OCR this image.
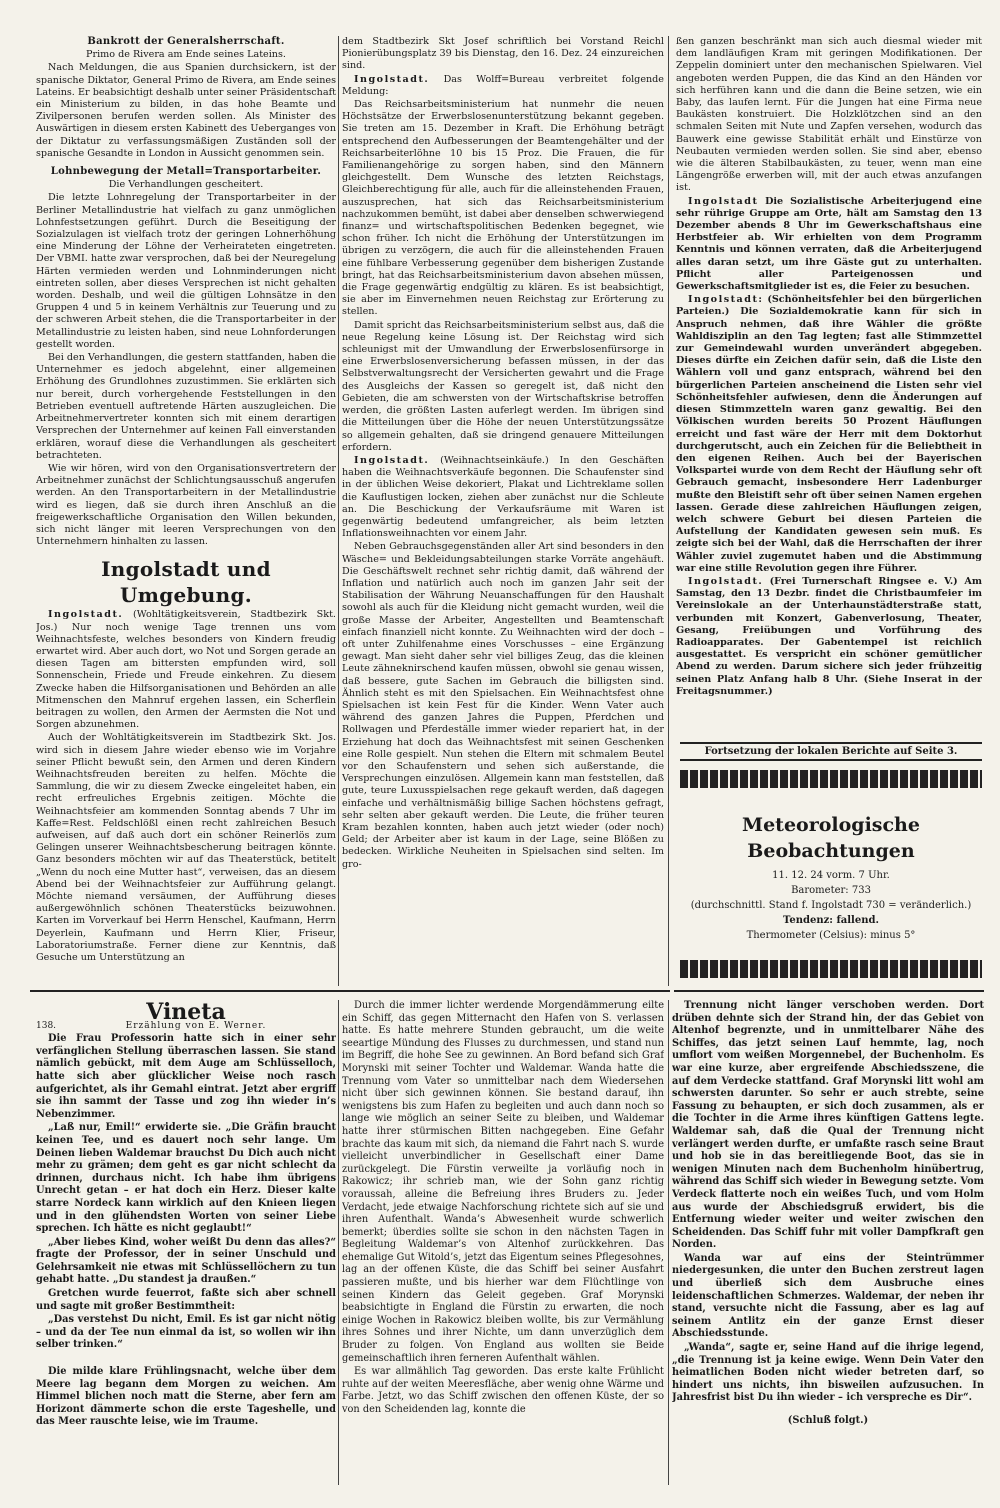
Bankrott der Generalsherrschaft.

Primo de Rivera am Ende seines Lateins.

Nach Meldungen, die aus Spanien durchsickern, ist der spanische Diktator, General Primo de Rivera, am Ende seines Lateins. Er beabsichtigt deshalb unter seiner Präsidentschaft ein Ministerium zu bilden, in das hohe Beamte und Zivilpersonen berufen werden sollen. Als Minister des Auswärtigen in diesem ersten Kabinett des Ueberganges von der Diktatur zu verfassungsmäßigen Zuständen soll der spanische Gesandte in London in Aussicht genommen sein.

Lohnbewegung der Metall=Transportarbeiter.

Die Verhandlungen gescheitert.

Die letzte Lohnregelung der Transportarbeiter in der Berliner Metallindustrie hat vielfach zu ganz unmöglichen Lohnfestsetzungen geführt. Durch die Beseitigung der Sozialzulagen ist vielfach trotz der geringen Lohnerhöhung eine Minderung der Löhne der Verheirateten eingetreten. Der VBMI. hatte zwar versprochen, daß bei der Neuregelung Härten vermieden werden und Lohnminderungen nicht eintreten sollen, aber dieses Versprechen ist nicht gehalten worden. Deshalb, und weil die gültigen Lohnsätze in den Gruppen 4 und 5 in keinem Verhältnis zur Teuerung und zu der schweren Arbeit stehen, die die Transportarbeiter in der Metallindustrie zu leisten haben, sind neue Lohnforderungen gestellt worden.

Bei den Verhandlungen, die gestern stattfanden, haben die Unternehmer es jedoch abgelehnt, einer allgemeinen Erhöhung des Grundlohnes zuzustimmen. Sie erklärten sich nur bereit, durch vorhergehende Feststellungen in den Betrieben eventuell auftretende Härten auszugleichen. Die Arbeitnehmervertreter konnten sich mit einem derartigen Versprechen der Unternehmer auf keinen Fall einverstanden erklären, worauf diese die Verhandlungen als gescheitert betrachteten.

Wie wir hören, wird von den Organisationsvertretern der Arbeitnehmer zunächst der Schlichtungsausschuß angerufen werden. An den Transportarbeitern in der Metallindustrie wird es liegen, daß sie durch ihren Anschluß an die freigewerkschaftliche Organisation den Willen bekunden, sich nicht länger mit leeren Versprechungen von den Unternehmern hinhalten zu lassen.

Ingolstadt und Umgebung.

Ingolstadt. (Wohltätigkeitsverein, Stadtbezirk Skt. Jos.) Nur noch wenige Tage trennen uns vom Weihnachtsfeste, welches besonders von Kindern freudig erwartet wird. Aber auch dort, wo Not und Sorgen gerade an diesen Tagen am bittersten empfunden wird, soll Sonnenschein, Friede und Freude einkehren. Zu diesem Zwecke haben die Hilfsorganisationen und Behörden an alle Mitmenschen den Mahnruf ergehen lassen, ein Scherflein beitragen zu wollen, den Armen der Aermsten die Not und Sorgen abzunehmen.

Auch der Wohltätigkeitsverein im Stadtbezirk Skt. Jos. wird sich in diesem Jahre wieder ebenso wie im Vorjahre seiner Pflicht bewußt sein, den Armen und deren Kindern Weihnachtsfreuden bereiten zu helfen. Möchte die Sammlung, die wir zu diesem Zwecke eingeleitet haben, ein recht erfreuliches Ergebnis zeitigen. Möchte die Weihnachtsfeier am kommenden Sonntag abends 7 Uhr im Kaffe=Rest. Feldschlößl einen recht zahlreichen Besuch aufweisen, auf daß auch dort ein schöner Reinerlös zum Gelingen unserer Weihnachtsbescherung beitragen könnte. Ganz besonders möchten wir auf das Theaterstück, betitelt „Wenn du noch eine Mutter hast“, verweisen, das an diesem Abend bei der Weihnachtsfeier zur Aufführung gelangt. Möchte niemand versäumen, der Aufführung dieses außergewöhnlich schönen Theaterstücks beizuwohnen. Karten im Vorverkauf bei Herrn Henschel, Kaufmann, Herrn Deyerlein, Kaufmann und Herrn Klier, Friseur, Laboratoriumstraße. Ferner diene zur Kenntnis, daß Gesuche um Unterstützung an

dem Stadtbezirk Skt Josef schriftlich bei Vorstand Reichl Pionierübungsplatz 39 bis Dienstag, den 16. Dez. 24 einzureichen sind.

Ingolstadt. Das Wolff=Bureau verbreitet folgende Meldung:

Das Reichsarbeitsministerium hat nunmehr die neuen Höchstsätze der Erwerbslosenunterstützung bekannt gegeben. Sie treten am 15. Dezember in Kraft. Die Erhöhung beträgt entsprechend den Aufbesserungen der Beamtengehälter und der Reichsarbeiterlöhne 10 bis 15 Proz. Die Frauen, die für Familienangehörige zu sorgen haben, sind den Männern gleichgestellt. Dem Wunsche des letzten Reichstags, Gleichberechtigung für alle, auch für die alleinstehenden Frauen, auszusprechen, hat sich das Reichsarbeitsministerium nachzukommen bemüht, ist dabei aber denselben schwerwiegend finanz= und wirtschaftspolitischen Bedenken begegnet, wie schon früher. Ich nicht die Erhöhung der Unterstützungen im übrigen zu verzögern, die auch für die alleinstehenden Frauen eine fühlbare Verbesserung gegenüber dem bisherigen Zustande bringt, hat das Reichsarbeitsministerium davon absehen müssen, die Frage gegenwärtig endgültig zu klären. Es ist beabsichtigt, sie aber im Einvernehmen neuen Reichstag zur Erörterung zu stellen.

Damit spricht das Reichsarbeitsministerium selbst aus, daß die neue Regelung keine Lösung ist. Der Reichstag wird sich schleunigst mit der Umwandlung der Erwerbslosenfürsorge in eine Erwerbslosenversicherung befassen müssen, in der das Selbstverwaltungsrecht der Versicherten gewahrt und die Frage des Ausgleichs der Kassen so geregelt ist, daß nicht den Gebieten, die am schwersten von der Wirtschaftskrise betroffen werden, die größten Lasten auferlegt werden. Im übrigen sind die Mitteilungen über die Höhe der neuen Unterstützungssätze so allgemein gehalten, daß sie dringend genauere Mitteilungen erfordern.

Ingolstadt. (Weihnachtseinkäufe.) In den Geschäften haben die Weihnachtsverkäufe begonnen. Die Schaufenster sind in der üblichen Weise dekoriert, Plakat und Lichtreklame sollen die Kauflustigen locken, ziehen aber zunächst nur die Schleute an. Die Beschickung der Verkaufsräume mit Waren ist gegenwärtig bedeutend umfangreicher, als beim letzten Inflationsweihnachten vor einem Jahr.

Neben Gebrauchsgegenständen aller Art sind besonders in den Wäsche= und Bekleidungsabteilungen starke Vorräte angehäuft. Die Geschäftswelt rechnet sehr richtig damit, daß während der Inflation und natürlich auch noch im ganzen Jahr seit der Stabilisation der Währung Neuanschaffungen für den Haushalt sowohl als auch für die Kleidung nicht gemacht wurden, weil die große Masse der Arbeiter, Angestellten und Beamtenschaft einfach finanziell nicht konnte. Zu Weihnachten wird der doch – oft unter Zuhilfenahme eines Vorschusses – eine Ergänzung gewagt. Man sieht daher sehr viel billiges Zeug, das die kleinen Leute zähneknirschend kaufen müssen, obwohl sie genau wissen, daß bessere, gute Sachen im Gebrauch die billigsten sind. Ähnlich steht es mit den Spielsachen. Ein Weihnachtsfest ohne Spielsachen ist kein Fest für die Kinder. Wenn Vater auch während des ganzen Jahres die Puppen, Pferdchen und Rollwagen und Pferdeställe immer wieder repariert hat, in der Erziehung hat doch das Weihnachtsfest mit seinen Geschenken eine Rolle gespielt. Nun stehen die Eltern mit schmalem Beutel vor den Schaufenstern und sehen sich außerstande, die Versprechungen einzulösen. Allgemein kann man feststellen, daß gute, teure Luxusspielsachen rege gekauft werden, daß dagegen einfache und verhältnismäßig billige Sachen höchstens gefragt, sehr selten aber gekauft werden. Die Leute, die früher teuren Kram bezahlen konnten, haben auch jetzt wieder (oder noch) Geld; der Arbeiter aber ist kaum in der Lage, seine Blößen zu bedecken. Wirkliche Neuheiten in Spielsachen sind selten. Im gro-

ßen ganzen beschränkt man sich auch diesmal wieder mit dem landläufigen Kram mit geringen Modifikationen. Der Zeppelin dominiert unter den mechanischen Spielwaren. Viel angeboten werden Puppen, die das Kind an den Händen vor sich herführen kann und die dann die Beine setzen, wie ein Baby, das laufen lernt. Für die Jungen hat eine Firma neue Baukästen konstruiert. Die Holzklötzchen sind an den schmalen Seiten mit Nute und Zapfen versehen, wodurch das Bauwerk eine gewisse Stabilität erhält und Einstürze von Neubauten vermieden werden sollen. Sie sind aber, ebenso wie die älteren Stabilbaukästen, zu teuer, wenn man eine Längengröße erwerben will, mit der auch etwas anzufangen ist.

Ingolstadt Die Sozialistische Arbeiterjugend eine sehr rührige Gruppe am Orte, hält am Samstag den 13 Dezember abends 8 Uhr im Gewerkschaftshaus eine Herbstfeier ab. Wir erhielten von dem Programm Kenntnis und können verraten, daß die Arbeiterjugend alles daran setzt, um ihre Gäste gut zu unterhalten. Pflicht aller Parteigenossen und Gewerkschaftsmitglieder ist es, die Feier zu besuchen.

Ingolstadt: (Schönheitsfehler bei den bürgerlichen Parteien.) Die Sozialdemokratie kann für sich in Anspruch nehmen, daß ihre Wähler die größte Wahldisziplin an den Tag legten; fast alle Stimmzettel zur Gemeindewahl wurden unverändert abgegeben. Dieses dürfte ein Zeichen dafür sein, daß die Liste den Wählern voll und ganz entsprach, während bei den bürgerlichen Parteien anscheinend die Listen sehr viel Schönheitsfehler aufwiesen, denn die Änderungen auf diesen Stimmzetteln waren ganz gewaltig. Bei den Völkischen wurden bereits 50 Prozent Häuflungen erreicht und fast wäre der Herr mit dem Doktorhut durchgerutscht, auch ein Zeichen für die Beliebtheit in den eigenen Reihen. Auch bei der Bayerischen Volkspartei wurde von dem Recht der Häuflung sehr oft Gebrauch gemacht, insbesondere Herr Ladenburger mußte den Bleistift sehr oft über seinen Namen ergehen lassen. Gerade diese zahlreichen Häuflungen zeigen, welch schwere Geburt bei diesen Parteien die Aufstellung der Kandidaten gewesen sein muß. Es zeigte sich bei der Wahl, daß die Herrschaften der ihrer Wähler zuviel zugemutet haben und die Abstimmung war eine stille Revolution gegen ihre Führer.

Ingolstadt. (Frei Turnerschaft Ringsee e. V.) Am Samstag, den 13 Dezbr. findet die Christbaumfeier im Vereinslokale an der Unterhaunstädterstraße statt, verbunden mit Konzert, Gabenverlosung, Theater, Gesang, Freiübungen und Vorführung des Radioapparates. Der Gabentempel ist reichlich ausgestattet. Es verspricht ein schöner gemütlicher Abend zu werden. Darum sichere sich jeder frühzeitig seinen Platz Anfang halb 8 Uhr. (Siehe Inserat in der Freitagsnummer.)

Fortsetzung der lokalen Berichte auf Seite 3.
Meteorologische Beobachtungen
11. 12. 24 vorm. 7 Uhr.
Barometer: 733
(durchschnittl. Stand f. Ingolstadt 730 = veränderlich.)
Tendenz: fallend.
Thermometer (Celsius): minus 5°

Vineta

138.	Erzählung von E. Werner.

Die Frau Professorin hatte sich in einer sehr verfänglichen Stellung überraschen lassen. Sie stand nämlich gebückt, mit dem Auge am Schlüsselloch, hatte sich aber glücklicher Weise noch rasch aufgerichtet, als ihr Gemahl eintrat. Jetzt aber ergriff sie ihn sammt der Tasse und zog ihn wieder in’s Nebenzimmer.

„Laß nur, Emil!“ erwiderte sie. „Die Gräfin braucht keinen Tee, und es dauert noch sehr lange. Um Deinen lieben Waldemar brauchst Du Dich auch nicht mehr zu grämen; dem geht es gar nicht schlecht da drinnen, durchaus nicht. Ich habe ihm übrigens Unrecht getan – er hat doch ein Herz. Dieser kalte starre Nordeck kann wirklich auf den Knieen liegen und in den glühendsten Worten von seiner Liebe sprechen. Ich hätte es nicht geglaubt!“

„Aber liebes Kind, woher weißt Du denn das alles?“ fragte der Professor, der in seiner Unschuld und Gelehrsamkeit nie etwas mit Schlüssellöchern zu tun gehabt hatte. „Du standest ja draußen.“

Gretchen wurde feuerrot, faßte sich aber schnell und sagte mit großer Bestimmtheit:

„Das verstehst Du nicht, Emil. Es ist gar nicht nötig – und da der Tee nun einmal da ist, so wollen wir ihn selber trinken.“

Die milde klare Frühlingsnacht, welche über dem Meere lag begann dem Morgen zu weichen. Am Himmel blichen noch matt die Sterne, aber fern am Horizont dämmerte schon die erste Tageshelle, und das Meer rauschte leise, wie im Traume.

Durch die immer lichter werdende Morgendämmerung eilte ein Schiff, das gegen Mitternacht den Hafen von S. verlassen hatte. Es hatte mehrere Stunden gebraucht, um die weite seeartige Mündung des Flusses zu durchmessen, und stand nun im Begriff, die hohe See zu gewinnen. An Bord befand sich Graf Morynski mit seiner Tochter und Waldemar. Wanda hatte die Trennung vom Vater so unmittelbar nach dem Wiedersehen nicht über sich gewinnen können. Sie bestand darauf, ihn wenigstens bis zum Hafen zu begleiten und auch dann noch so lange wie möglich an seiner Seite zu bleiben, und Waldemar hatte ihrer stürmischen Bitten nachgegeben. Eine Gefahr brachte das kaum mit sich, da niemand die Fahrt nach S. wurde vielleicht unverbindlicher in Gesellschaft einer Dame zurückgelegt. Die Fürstin verweilte ja vorläufig noch in Rakowicz; ihr schrieb man, wie der Sohn ganz richtig voraussah, alleine die Befreiung ihres Bruders zu. Jeder Verdacht, jede etwaige Nachforschung richtete sich auf sie und ihren Aufenthalt. Wanda’s Abwesenheit wurde schwerlich bemerkt; überdies sollte sie schon in den nächsten Tagen in Begleitung Waldemar’s von Altenhof zurückkehren. Das ehemalige Gut Witold’s, jetzt das Eigentum seines Pflegesohnes, lag an der offenen Küste, die das Schiff bei seiner Ausfahrt passieren mußte, und bis hierher war dem Flüchtlinge von seinen Kindern das Geleit gegeben. Graf Morynski beabsichtigte in England die Fürstin zu erwarten, die noch einige Wochen in Rakowicz bleiben wollte, bis zur Vermählung ihres Sohnes und ihrer Nichte, um dann unverzüglich dem Bruder zu folgen. Von England aus wollten sie Beide gemeinschaftlich ihren ferneren Aufenthalt wählen.

Es war allmählich Tag geworden. Das erste kalte Frühlicht ruhte auf der weiten Meeresfläche, aber wenig ohne Wärme und Farbe. Jetzt, wo das Schiff zwischen den offenen Küste, der so von den Scheidenden lag, konnte die

Trennung nicht länger verschoben werden. Dort drüben dehnte sich der Strand hin, der das Gebiet von Altenhof begrenzte, und in unmittelbarer Nähe des Schiffes, das jetzt seinen Lauf hemmte, lag, noch umflort vom weißen Morgennebel, der Buchenholm. Es war eine kurze, aber ergreifende Abschiedsszene, die auf dem Verdecke stattfand. Graf Morynski litt wohl am schwersten darunter. So sehr er auch strebte, seine Fassung zu behaupten, er sich doch zusammen, als er die Tochter in die Arme ihres künftigen Gattens legte. Waldemar sah, daß die Qual der Trennung nicht verlängert werden durfte, er umfaßte rasch seine Braut und hob sie in das bereitliegende Boot, das sie in wenigen Minuten nach dem Buchenholm hinübertrug, während das Schiff sich wieder in Bewegung setzte. Vom Verdeck flatterte noch ein weißes Tuch, und vom Holm aus wurde der Abschiedsgruß erwidert, bis die Entfernung wieder weiter und weiter zwischen den Scheidenden. Das Schiff fuhr mit voller Dampfkraft gen Norden.

Wanda war auf eins der Steintrümmer niedergesunken, die unter den Buchen zerstreut lagen und überließ sich dem Ausbruche eines leidenschaftlichen Schmerzes. Waldemar, der neben ihr stand, versuchte nicht die Fassung, aber es lag auf seinem Antlitz ein der ganze Ernst dieser Abschiedsstunde.

„Wanda“, sagte er, seine Hand auf die ihrige legend, „die Trennung ist ja keine ewige. Wenn Dein Vater den heimatlichen Boden nicht wieder betreten darf, so hindert uns nichts, ihn bisweilen aufzusuchen. In Jahresfrist bist Du ihn wieder – ich verspreche es Dir“.

(Schluß folgt.)
